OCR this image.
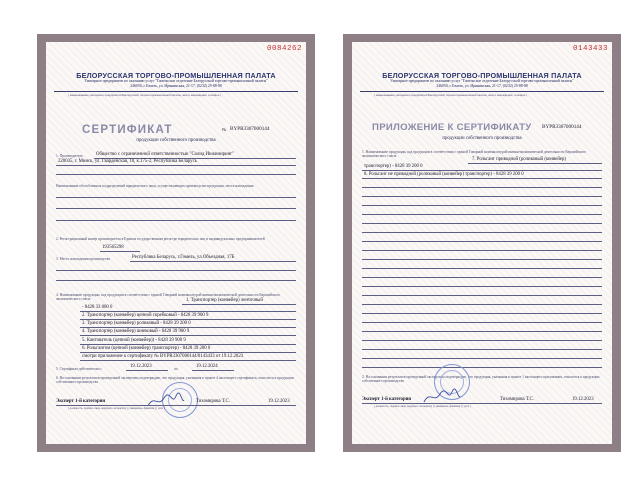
0084262
БЕЛОРУССКАЯ ТОРГОВО-ПРОМЫШЛЕННАЯ ПАЛАТА
Унитарное предприятие по оказанию услуг "Гомельское отделение Белорусской торгово-промышленной палаты"
246050, г.Гомель, ул. Ирининская, 21-17, (0232) 25-88-88
( наименование унитарного предприятия Белорусской торгово-промышленной палаты, место нахождения, телефон )
СЕРТИФИКАТ	№ BYPR3307000144
продукции собственного производства
1. Производитель	Общество с ограниченной ответственностью "Солид Инжиниринг"
220035, г. Минск, ул. Гвардейская, 10, к.175-2, Республика Беларусь
Наименование обособленных подразделений юридического лица, осуществляющих производство продукции, места нахождения
2. Регистрационный номер производителя в Едином государственном регистре юридических лиц и индивидуальных предпринимателей
193565298
3. Место нахождения производства	Республика Беларусь, г.Гомель, ул.Объездная, 17Б
4. Наименование продукции, код продукции в соответствии с единой Товарной номенклатурой внешнеэкономической деятельности Евразийского экономического союза	1. Транспортер (конвейер) ленточный
- 8428 33 000 0
2. Транспортер (конвейер) цепной скребковый - 8428 39 900 9
3. Транспортер (конвейер) роликовый - 8428 39 200 0
4. Транспортер (конвейер) шнековый - 8428 39 900 9
5. Кантователь (цепной (конвейер)) - 8428 39 900 9
6. Рольгангом (цепной (конвейер) транспортер) - 8428 39 200 0
смотри приложение к сертификату № BYPR3307000144/0143433 от 19.12.2023
5. Сертификат действителен с	19.12.2023	по	19.12.2024
6. На основании результатов проведенной экспертизы подтверждаю, что продукция, указанная в пункте 4 настоящего сертификата, относится к продукции собственного производства
Эксперт 1-й категории	Тихомирова Т.С.	19.12.2023
( должность, подпись лица, ведущего экспертизу ) ( инициалы, фамилия ) ( дата )
0143433
БЕЛОРУССКАЯ ТОРГОВО-ПРОМЫШЛЕННАЯ ПАЛАТА
Унитарное предприятие по оказанию услуг "Гомельское отделение Белорусской торгово-промышленной палаты"
246050, г.Гомель, ул. Ирининская, 21-17, (0232) 25-88-88
( наименование унитарного предприятия Белорусской торгово-промышленной палаты, место нахождения, телефон )
ПРИЛОЖЕНИЕ К СЕРТИФИКАТУ BYPR3307000144
продукции собственного производства
1. Наименование продукции, код продукции в соответствии с единой Товарной номенклатурой внешнеэкономической деятельности Евразийского экономического союза
7. Рольганг приводной (роликовый (конвейер)
транспортер) - 8428 39 200 0
8. Рольганг не приводной (роликовый (конвейер) транспортер) - 8428 39 200 0
2. На основании результатов проведенной экспертизы подтверждаю, что продукция, указанная в пункте 1 настоящего приложения, относится к продукции собственного производства
Эксперт 1-й категории	Тихомирова Т.С.	19.12.2023
( должность, подпись лица, ведущего экспертизу ) ( инициалы, фамилия ) ( дата )
